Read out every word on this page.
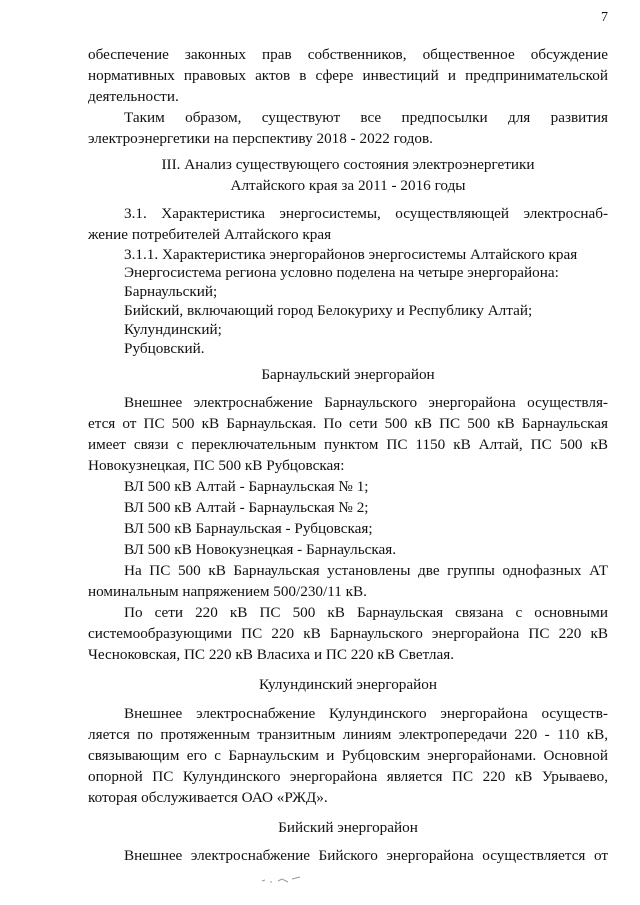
7
обеспечение законных прав собственников, общественное обсуждение
нормативных правовых актов в сфере инвестиций и предпринимательской
деятельности.
Таким образом, существуют все предпосылки для развития
электроэнергетики на перспективу 2018 - 2022 годов.
III. Анализ существующего состояния электроэнергетики
Алтайского края за 2011 - 2016 годы
3.1. Характеристика энергосистемы, осуществляющей электроснаб-
жение потребителей Алтайского края
3.1.1. Характеристика энергорайонов энергосистемы Алтайского края
Энергосистема региона условно поделена на четыре энергорайона:
Барнаульский;
Бийский, включающий город Белокуриху и Республику Алтай;
Кулундинский;
Рубцовский.
Барнаульский энергорайон
Внешнее электроснабжение Барнаульского энергорайона осуществля-
ется от ПС 500 кВ Барнаульская. По сети 500 кВ ПС 500 кВ Барнаульская
имеет связи с переключательным пунктом ПС 1150 кВ Алтай, ПС 500 кВ
Новокузнецкая, ПС 500 кВ Рубцовская:
ВЛ 500 кВ Алтай - Барнаульская № 1;
ВЛ 500 кВ Алтай - Барнаульская № 2;
ВЛ 500 кВ Барнаульская - Рубцовская;
ВЛ 500 кВ Новокузнецкая - Барнаульская.
На ПС 500 кВ Барнаульская установлены две группы однофазных АТ
номинальным напряжением 500/230/11 кВ.
По сети 220 кВ ПС 500 кВ Барнаульская связана с основными
системообразующими ПС 220 кВ Барнаульского энергорайона ПС 220 кВ
Чесноковская, ПС 220 кВ Власиха и ПС 220 кВ Светлая.
Кулундинский энергорайон
Внешнее электроснабжение Кулундинского энергорайона осуществ-
ляется по протяженным транзитным линиям электропередачи 220 - 110 кВ,
связывающим его с Барнаульским и Рубцовским энергорайонами. Основной
опорной ПС Кулундинского энергорайона является ПС 220 кВ Урываево,
которая обслуживается ОАО «РЖД».
Бийский энергорайон
Внешнее электроснабжение Бийского энергорайона осуществляется от
